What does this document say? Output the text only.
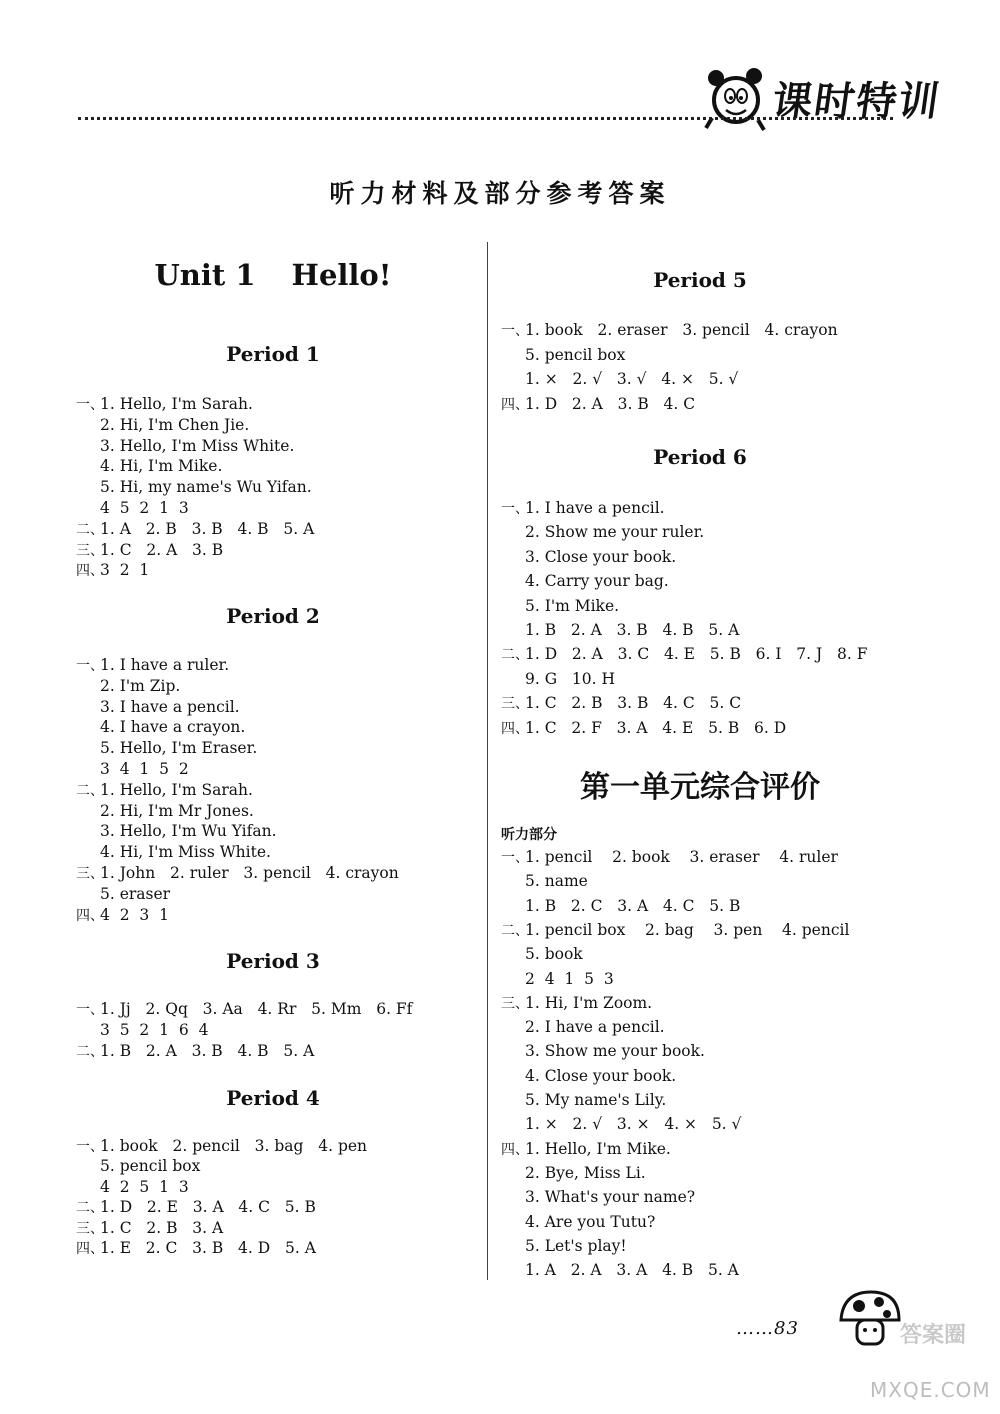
课时特训
听力材料及部分参考答案
Unit 1 Hello!
Period 1
Period 2
Period 3
Period 4
一、1. Hello, I'm Sarah.
2. Hi, I'm Chen Jie.
3. Hello, I'm Miss White.
4. Hi, I'm Mike.
5. Hi, my name's Wu Yifan.
4  5  2  1  3
二、1. A   2. B   3. B   4. B   5. A
三、1. C   2. A   3. B
四、3  2  1
一、1. I have a ruler.
2. I'm Zip.
3. I have a pencil.
4. I have a crayon.
5. Hello, I'm Eraser.
3  4  1  5  2
二、1. Hello, I'm Sarah.
2. Hi, I'm Mr Jones.
3. Hello, I'm Wu Yifan.
4. Hi, I'm Miss White.
三、1. John   2. ruler   3. pencil   4. crayon
5. eraser
四、4  2  3  1
一、1. Jj   2. Qq   3. Aa   4. Rr   5. Mm   6. Ff
3  5  2  1  6  4
二、1. B   2. A   3. B   4. B   5. A
一、1. book   2. pencil   3. bag   4. pen
5. pencil box
4  2  5  1  3
二、1. D   2. E   3. A   4. C   5. B
三、1. C   2. B   3. A
四、1. E   2. C   3. B   4. D   5. A
Period 5
Period 6
第一单元综合评价
听力部分
一、1. book   2. eraser   3. pencil   4. crayon
5. pencil box
1. ×   2. √   3. √   4. ×   5. √
四、1. D   2. A   3. B   4. C
一、1. I have a pencil.
2. Show me your ruler.
3. Close your book.
4. Carry your bag.
5. I'm Mike.
1. B   2. A   3. B   4. B   5. A
二、1. D   2. A   3. C   4. E   5. B   6. I   7. J   8. F
9. G   10. H
三、1. C   2. B   3. B   4. C   5. C
四、1. C   2. F   3. A   4. E   5. B   6. D
一、1. pencil    2. book    3. eraser    4. ruler
5. name
1. B   2. C   3. A   4. C   5. B
二、1. pencil box    2. bag    3. pen    4. pencil
5. book
2  4  1  5  3
三、1. Hi, I'm Zoom.
2. I have a pencil.
3. Show me your book.
4. Close your book.
5. My name's Lily.
1. ×   2. √   3. ×   4. ×   5. √
四、1. Hello, I'm Mike.
2. Bye, Miss Li.
3. What's your name?
4. Are you Tutu?
5. Let's play!
1. A   2. A   3. A   4. B   5. A
……83	答案圈
MXQE.COM
